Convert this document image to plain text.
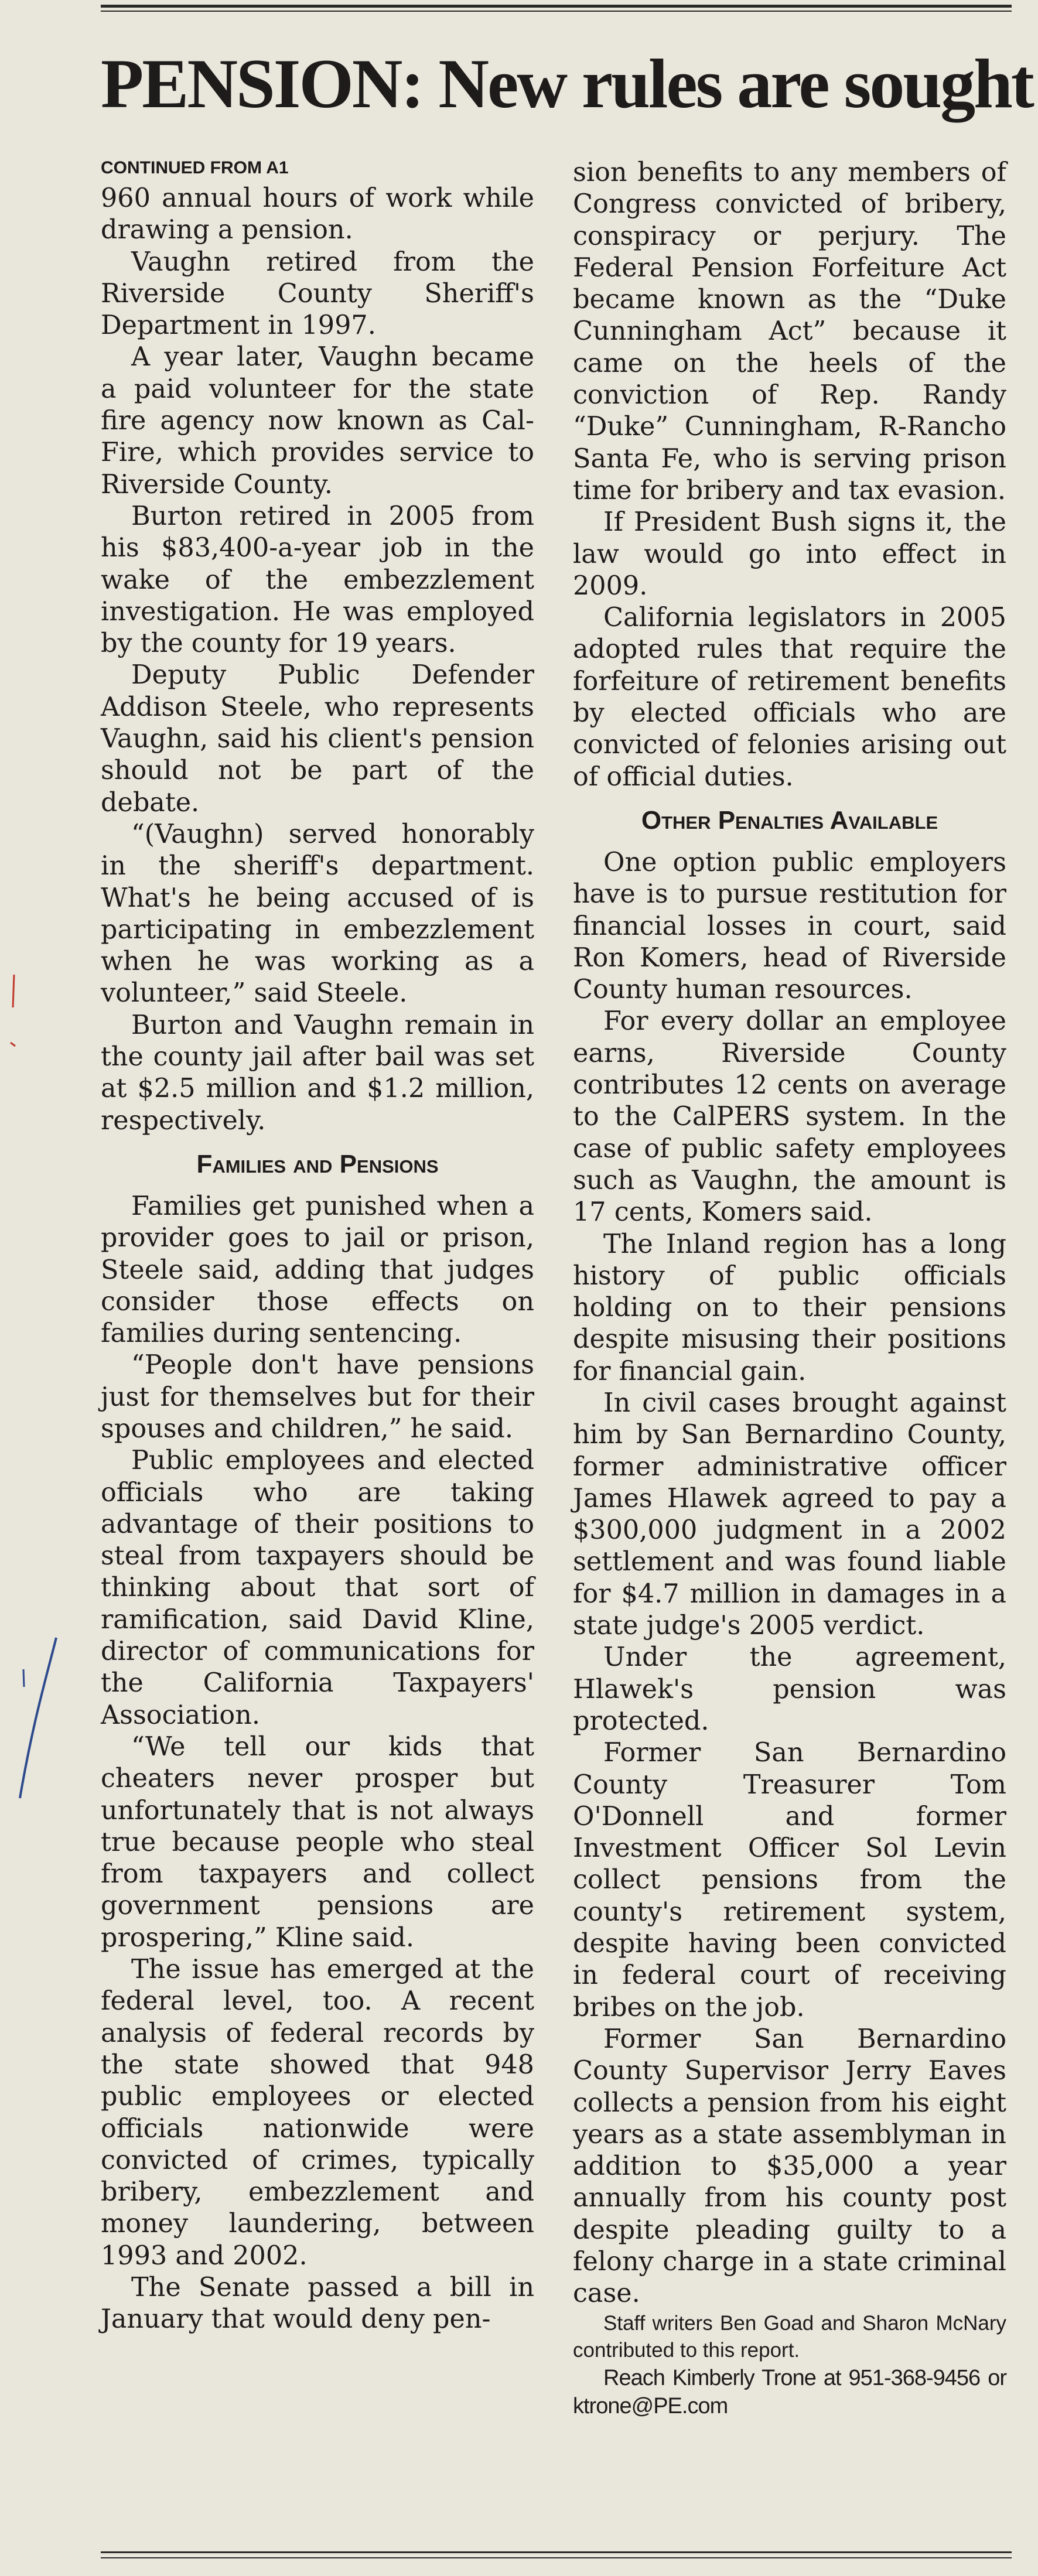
PENSION: New rules are sought
CONTINUED FROM A1

960 annual hours of work while drawing a pension.

Vaughn retired from the Riverside County Sheriff's Department in 1997.

A year later, Vaughn became a paid volunteer for the state fire agency now known as Cal-Fire, which provides service to Riverside County.

Burton retired in 2005 from his $83,400-a-year job in the wake of the embezzlement investigation. He was employed by the county for 19 years.

Deputy Public Defender Addison Steele, who represents Vaughn, said his client's pension should not be part of the debate.

“(Vaughn) served honorably in the sheriff's department. What's he being accused of is participating in embezzlement when he was working as a volunteer,” said Steele.

Burton and Vaughn remain in the county jail after bail was set at $2.5 million and $1.2 million, respectively.

Families and Pensions

Families get punished when a provider goes to jail or prison, Steele said, adding that judges consider those effects on families during sentencing.

“People don't have pensions just for themselves but for their spouses and children,” he said.

Public employees and elected officials who are taking advantage of their positions to steal from taxpayers should be thinking about that sort of ramification, said David Kline, director of communications for the California Taxpayers' Association.

“We tell our kids that cheaters never prosper but unfortunately that is not always true because people who steal from taxpayers and collect government pensions are prospering,” Kline said.

The issue has emerged at the federal level, too. A recent analysis of federal records by the state showed that 948 public employees or elected officials nationwide were convicted of crimes, typically bribery, embezzlement and money laundering, between 1993 and 2002.

The Senate passed a bill in January that would deny pen-

sion benefits to any members of Congress convicted of bribery, conspiracy or perjury. The Federal Pension Forfeiture Act became known as the “Duke Cunningham Act” because it came on the heels of the conviction of Rep. Randy “Duke” Cunningham, R-Rancho Santa Fe, who is serving prison time for bribery and tax evasion.

If President Bush signs it, the law would go into effect in 2009.

California legislators in 2005 adopted rules that require the forfeiture of retirement benefits by elected officials who are convicted of felonies arising out of official duties.

Other Penalties Available

One option public employers have is to pursue restitution for financial losses in court, said Ron Komers, head of Riverside County human resources.

For every dollar an employee earns, Riverside County contributes 12 cents on average to the CalPERS system. In the case of public safety employees such as Vaughn, the amount is 17 cents, Komers said.

The Inland region has a long history of public officials holding on to their pensions despite misusing their positions for financial gain.

In civil cases brought against him by San Bernardino County, former administrative officer James Hlawek agreed to pay a $300,000 judgment in a 2002 settlement and was found liable for $4.7 million in damages in a state judge's 2005 verdict.

Under the agreement, Hlawek's pension was protected.

Former San Bernardino County Treasurer Tom O'Donnell and former Investment Officer Sol Levin collect pensions from the county's retirement system, despite having been convicted in federal court of receiving bribes on the job.

Former San Bernardino County Supervisor Jerry Eaves collects a pension from his eight years as a state assemblyman in addition to $35,000 a year annually from his county post despite pleading guilty to a felony charge in a state criminal case.

Staff writers Ben Goad and Sharon McNary contributed to this report.

Reach Kimberly Trone at 951-368-9456 or ktrone@PE.com
